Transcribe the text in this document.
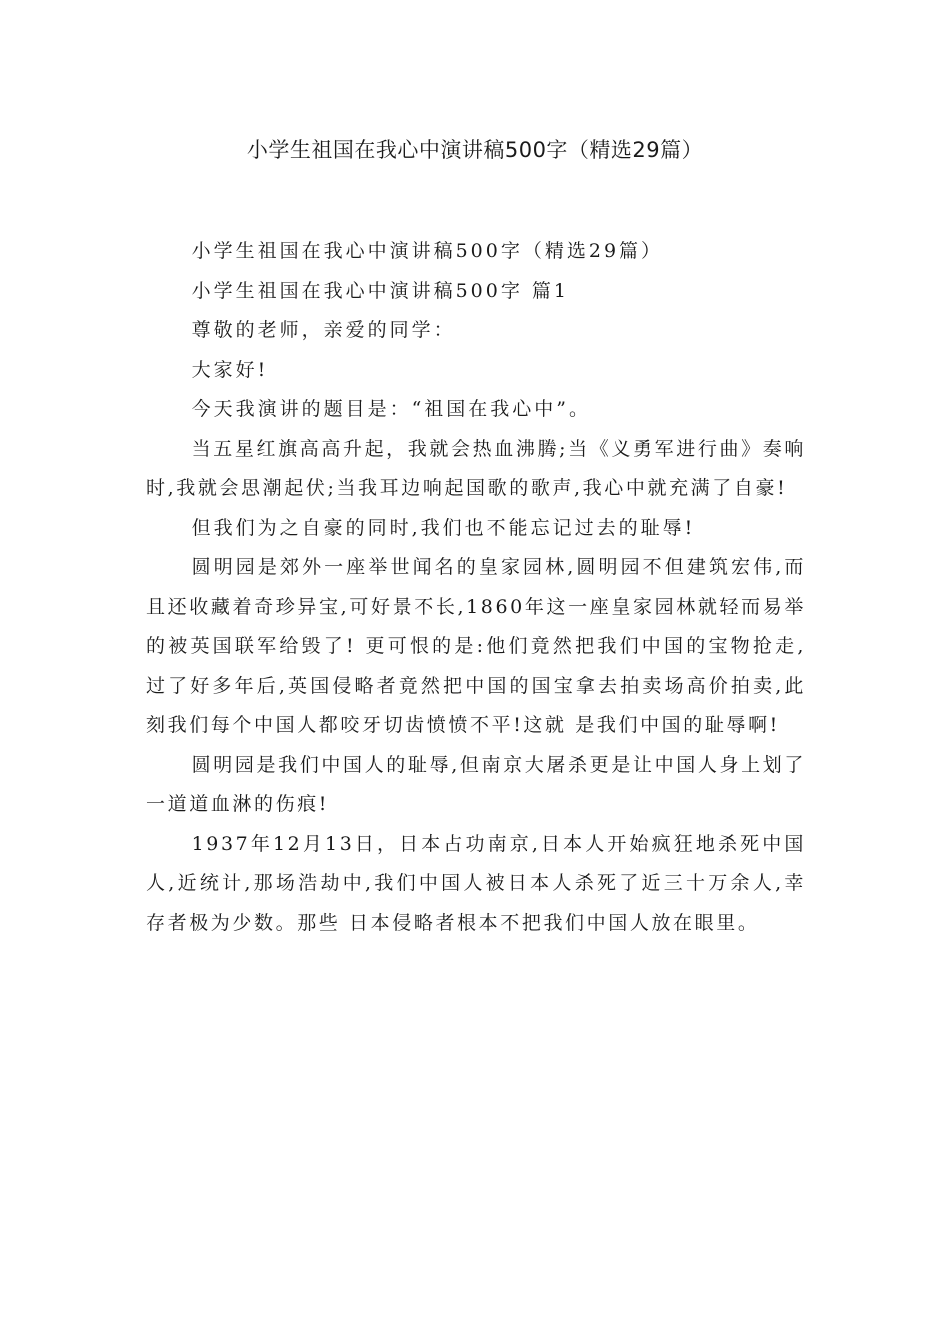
小学生祖国在我心中演讲稿500字（精选29篇）

小学生祖国在我心中演讲稿500字（精选29篇）

小学生祖国在我心中演讲稿500字 篇1

尊敬的老师，亲爱的同学：

大家好!

今天我演讲的题目是：“祖国在我心中”。

当五星红旗高高升起，我就会热血沸腾;当《义勇军进行曲》奏响时,我就会思潮起伏;当我耳边响起国歌的歌声,我心中就充满了自豪!

但我们为之自豪的同时,我们也不能忘记过去的耻辱!

圆明园是郊外一座举世闻名的皇家园林,圆明园不但建筑宏伟,而且还收藏着奇珍异宝,可好景不长,1860年这一座皇家园林就轻而易举的被英国联军给毁了! 更可恨的是:他们竟然把我们中国的宝物抢走,过了好多年后,英国侵略者竟然把中国的国宝拿去拍卖场高价拍卖,此刻我们每个中国人都咬牙切齿愤愤不平!这就 是我们中国的耻辱啊!

圆明园是我们中国人的耻辱,但南京大屠杀更是让中国人身上划了一道道血淋的伤痕!

1937年12月13日，日本占功南京,日本人开始疯狂地杀死中国人,近统计,那场浩劫中,我们中国人被日本人杀死了近三十万余人,幸存者极为少数。那些 日本侵略者根本不把我们中国人放在眼里。
